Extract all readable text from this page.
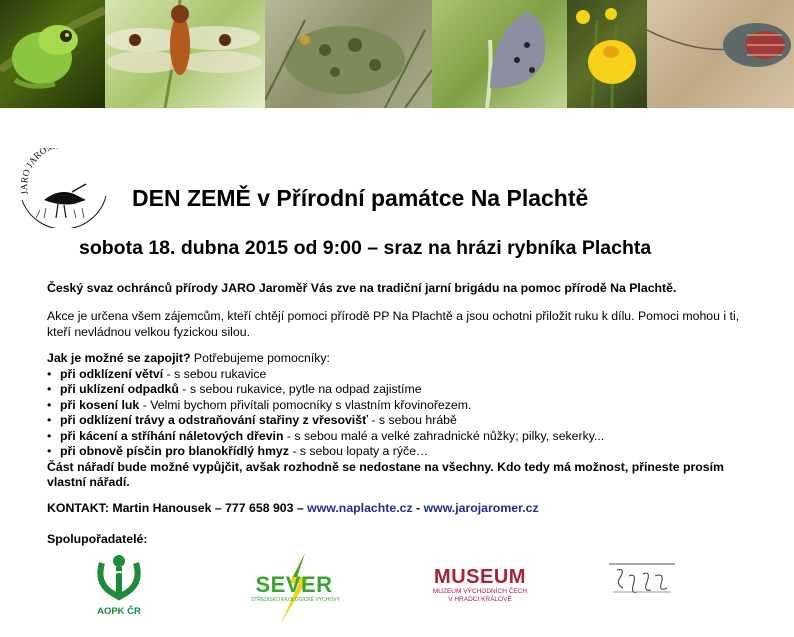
JARO JAROM
DEN ZEMĚ v Přírodní památce Na Plachtě
sobota 18. dubna 2015 od 9:00 – sraz na hrázi rybníka Plachta
Český svaz ochránců přírody JARO Jaroměř Vás zve na tradiční jarní brigádu na pomoc přírodě Na Plachtě.
Akce je určena všem zájemcům, kteří chtějí pomoci přírodě PP Na Plachtě a jsou ochotni přiložit ruku k dílu. Pomoci mohou i ti, kteří nevládnou velkou fyzickou silou.
Jak je možné se zapojit? Potřebujeme pomocníky:
• při odklízení větví - s sebou rukavice
• při uklízení odpadků - s sebou rukavice, pytle na odpad zajistíme
• při kosení luk - Velmi bychom přivítali pomocníky s vlastním křovinořezem.
• při odklízení trávy a odstraňování stařiny z vřesovišť - s sebou hrábě
• při kácení a stříhání náletových dřevin - s sebou malé a velké zahradnické nůžky; pilky, sekerky...
• při obnově písčin pro blanokřídlý hmyz - s sebou lopaty a rýče…
Část nářadí bude možné vypůjčit, avšak rozhodně se nedostane na všechny. Kdo tedy má možnost, přineste prosím vlastní nářadí.
KONTAKT: Martin Hanousek – 777 658 903 – www.naplachte.cz - www.jarojaromer.cz
Spolupořadatelé:
AOPK ČR
SEVER
STŘEDISKO EKOLOGICKÉ VÝCHOVY
MUSEUM
MUZEUM VÝCHODNÍCH ČECH
V HRADCI KRÁLOVÉ
